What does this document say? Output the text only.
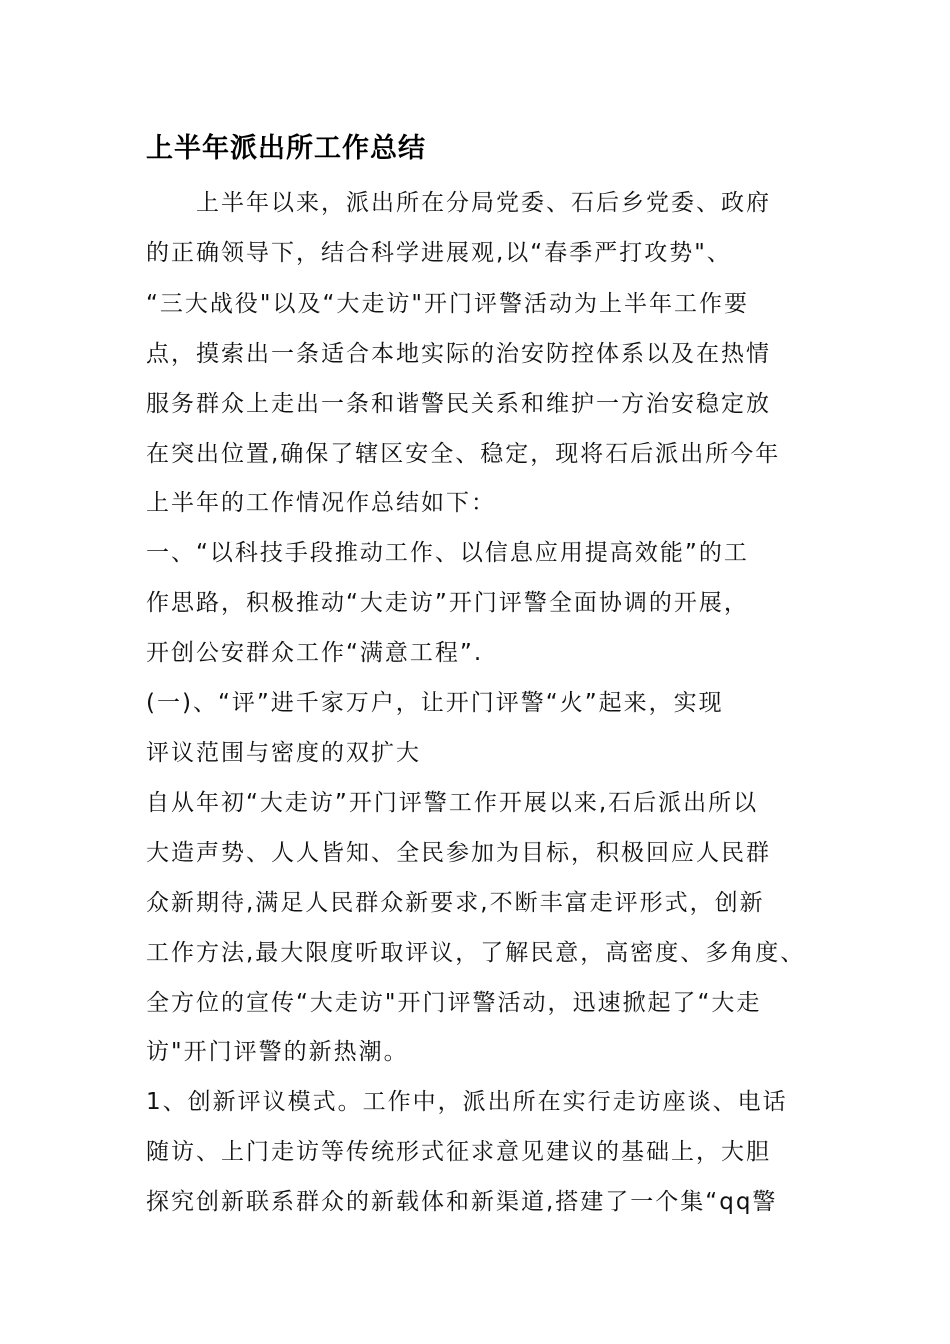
上半年派出所工作总结

　　上半年以来，派出所在分局党委、石后乡党委、政府

的正确领导下，结合科学进展观,以“春季严打攻势"、

“三大战役"以及“大走访"开门评警活动为上半年工作要

点，摸索出一条适合本地实际的治安防控体系以及在热情

服务群众上走出一条和谐警民关系和维护一方治安稳定放

在突出位置,确保了辖区安全、稳定，现将石后派出所今年

上半年的工作情况作总结如下：

一、“以科技手段推动工作、以信息应用提高效能”的工

作思路，积极推动“大走访”开门评警全面协调的开展，

开创公安群众工作“满意工程”.

(一)、“评”进千家万户，让开门评警“火”起来，实现

评议范围与密度的双扩大

自从年初“大走访”开门评警工作开展以来,石后派出所以

大造声势、人人皆知、全民参加为目标，积极回应人民群

众新期待,满足人民群众新要求,不断丰富走评形式，创新

工作方法,最大限度听取评议，了解民意，高密度、多角度、

全方位的宣传“大走访"开门评警活动，迅速掀起了“大走

访"开门评警的新热潮。

1、创新评议模式。工作中，派出所在实行走访座谈、电话

随访、上门走访等传统形式征求意见建议的基础上，大胆

探究创新联系群众的新载体和新渠道,搭建了一个集“qq警
